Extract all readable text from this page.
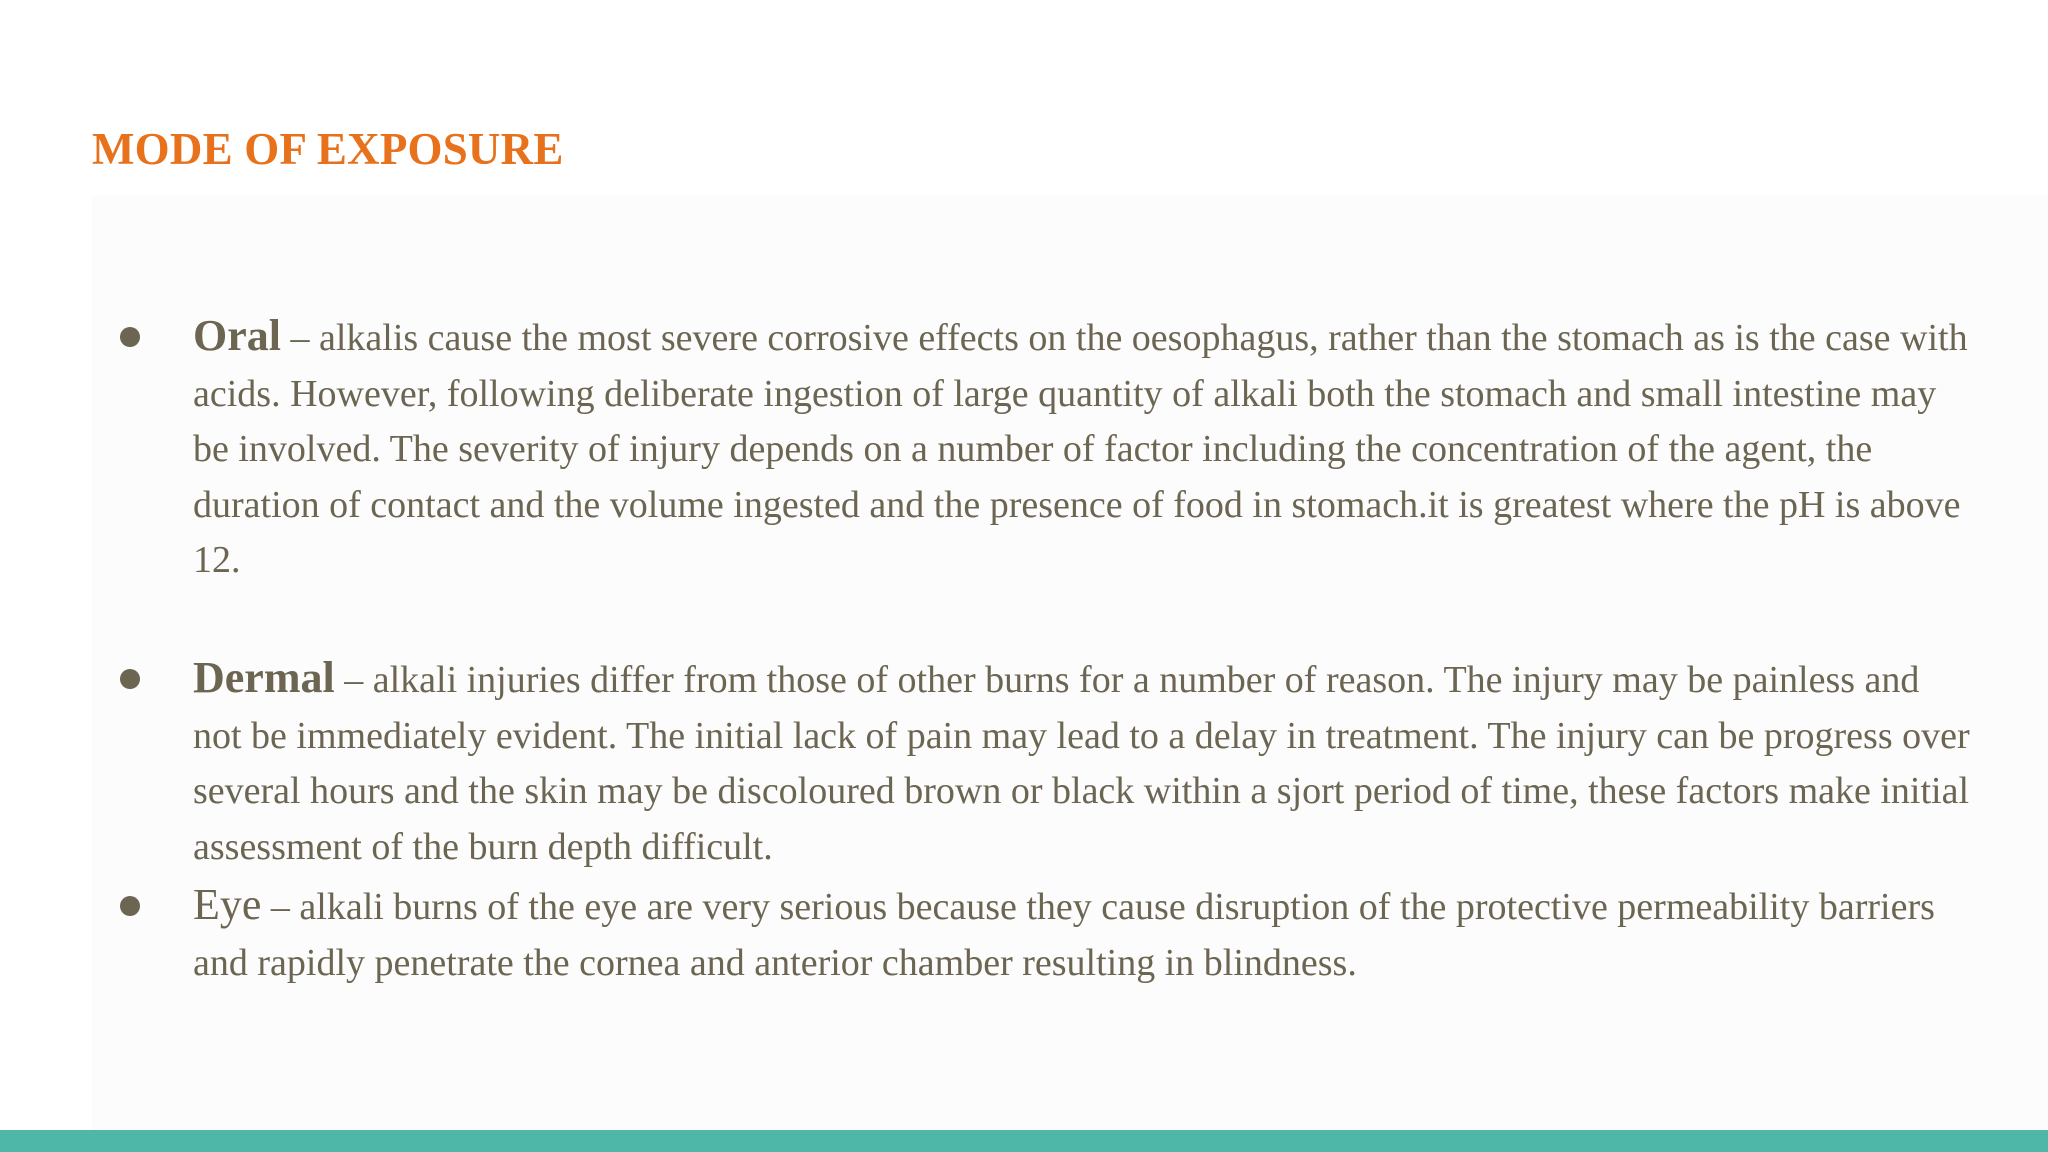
MODE OF EXPOSURE

Oral – alkalis cause the most severe corrosive effects on the oesophagus, rather than the stomach as is the case with acids. However, following deliberate ingestion of large quantity of alkali both the stomach and small intestine may be involved. The severity of injury depends on a number of factor including the concentration of the agent, the duration of contact and the volume ingested and the presence of food in stomach.it is greatest where the pH is above 12.

Dermal – alkali injuries differ from those of other burns for a number of reason. The injury may be painless and not be immediately evident. The initial lack of pain may lead to a delay in treatment. The injury can be progress over several hours and the skin may be discoloured brown or black within a sjort period of time, these factors make initial assessment of the burn depth difficult.

Eye – alkali burns of the eye are very serious because they cause disruption of the protective permeability barriers and rapidly penetrate the cornea and anterior chamber resulting in blindness.
